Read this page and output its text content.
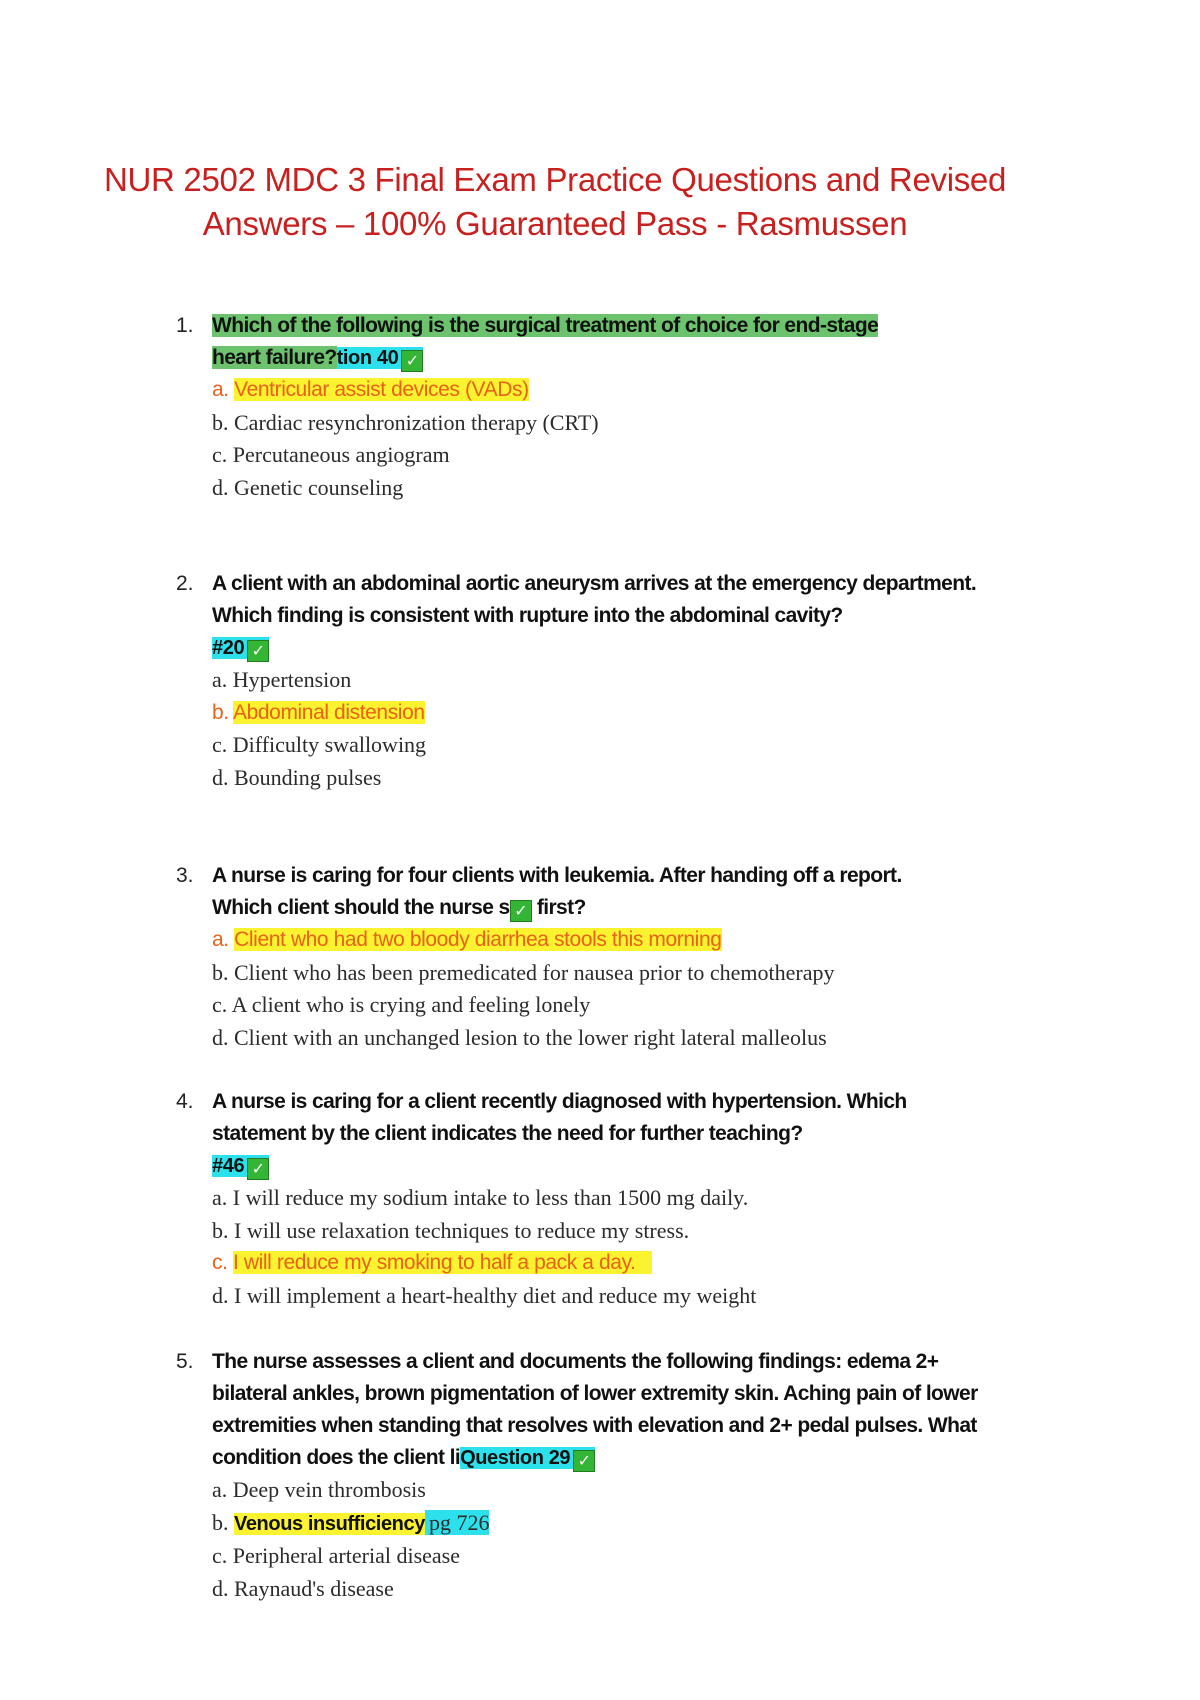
NUR 2502 MDC 3 Final Exam Practice Questions and Revised
Answers – 100% Guaranteed Pass - Rasmussen
1. Which of the following is the surgical treatment of choice for end-stage
heart failure?tion 40 ✓
a. Ventricular assist devices (VADs)
b. Cardiac resynchronization therapy (CRT)
c. Percutaneous angiogram
d. Genetic counseling
2. A client with an abdominal aortic aneurysm arrives at the emergency department. Which finding is consistent with rupture into the abdominal cavity?
#20 ✓
a. Hypertension
b. Abdominal distension
c. Difficulty swallowing
d. Bounding pulses
3. A nurse is caring for four clients with leukemia. After handing off a report.
Which client should the nurse s ✓ first?
a. Client who had two bloody diarrhea stools this morning
b. Client who has been premedicated for nausea prior to chemotherapy
c. A client who is crying and feeling lonely
d. Client with an unchanged lesion to the lower right lateral malleolus
4. A nurse is caring for a client recently diagnosed with hypertension. Which statement by the client indicates the need for further teaching?
#46 ✓
a. I will reduce my sodium intake to less than 1500 mg daily.
b. I will use relaxation techniques to reduce my stress.
c. I will reduce my smoking to half a pack a day.
d. I will implement a heart-healthy diet and reduce my weight
5. The nurse assesses a client and documents the following findings: edema 2+ bilateral ankles, brown pigmentation of lower extremity skin. Aching pain of lower extremities when standing that resolves with elevation and 2+ pedal pulses. What condition does the client liQuestion 29 ✓
a. Deep vein thrombosis
b. Venous insufficiency pg 726
c. Peripheral arterial disease
d. Raynaud's disease
